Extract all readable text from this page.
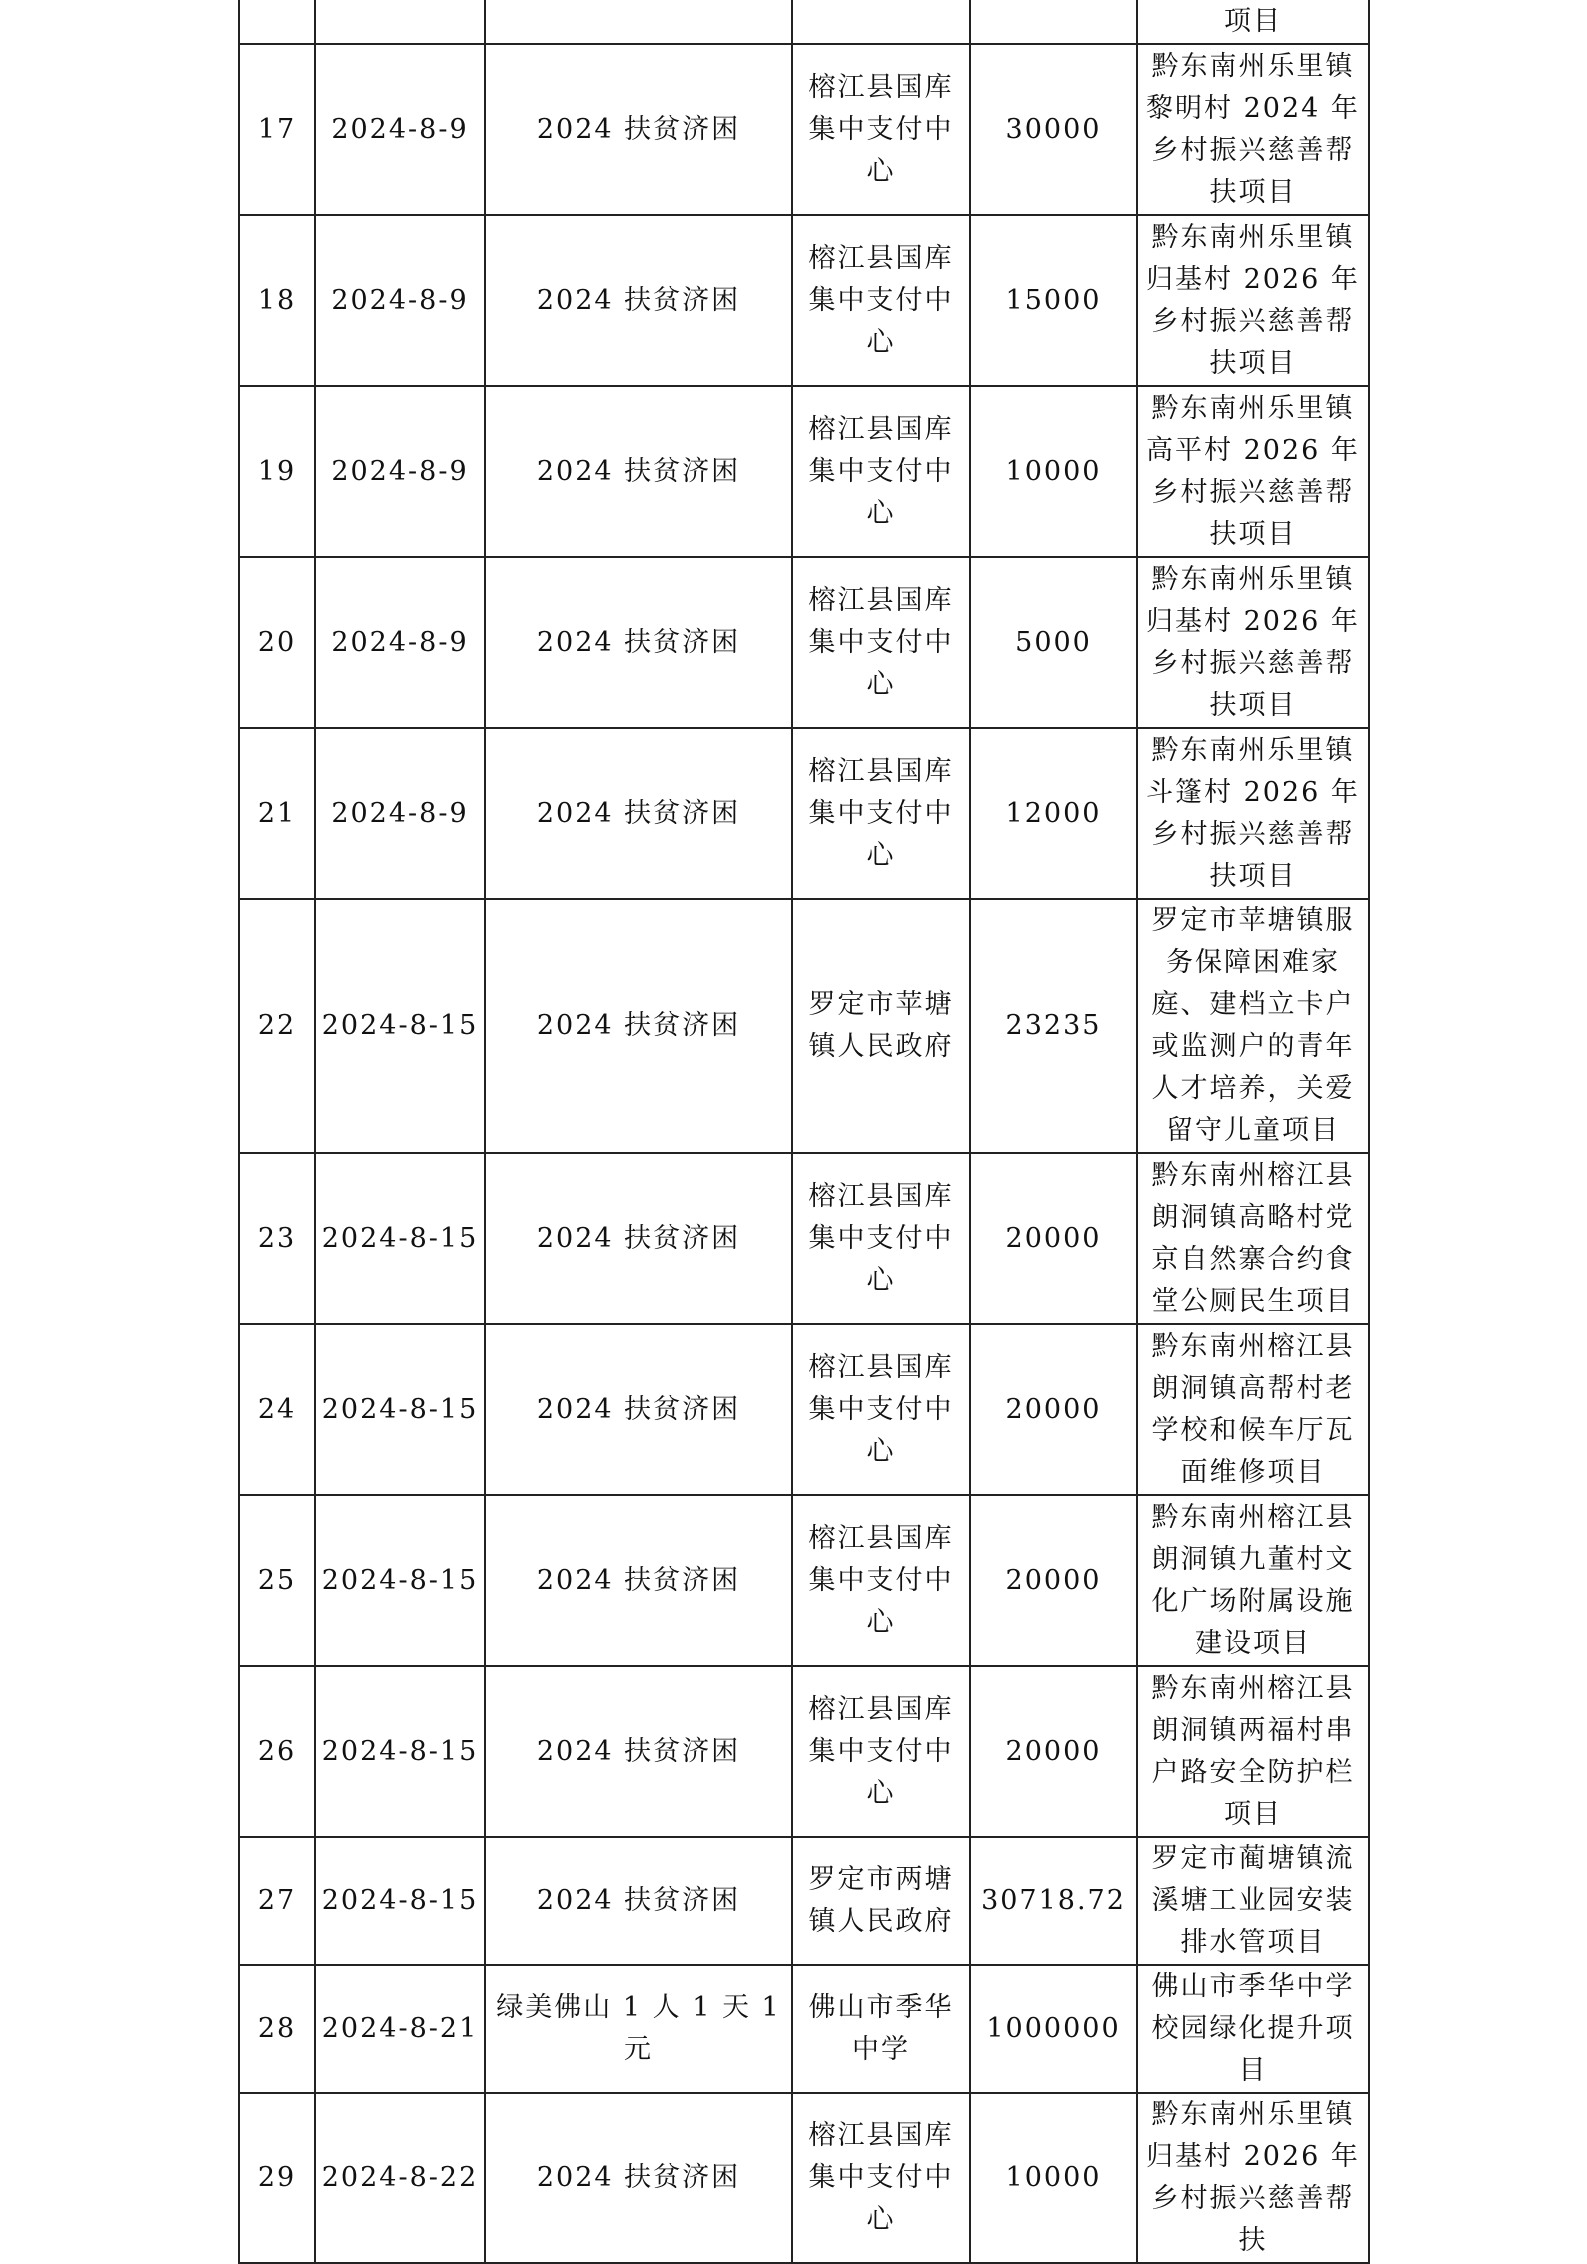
					项目
17	2024-8-9	2024 扶贫济困	榕江县国库集中支付中心	30000	黔东南州乐里镇黎明村 2024 年乡村振兴慈善帮扶项目
18	2024-8-9	2024 扶贫济困	榕江县国库集中支付中心	15000	黔东南州乐里镇归基村 2026 年乡村振兴慈善帮扶项目
19	2024-8-9	2024 扶贫济困	榕江县国库集中支付中心	10000	黔东南州乐里镇高平村 2026 年乡村振兴慈善帮扶项目
20	2024-8-9	2024 扶贫济困	榕江县国库集中支付中心	5000	黔东南州乐里镇归基村 2026 年乡村振兴慈善帮扶项目
21	2024-8-9	2024 扶贫济困	榕江县国库集中支付中心	12000	黔东南州乐里镇斗篷村 2026 年乡村振兴慈善帮扶项目
22	2024-8-15	2024 扶贫济困	罗定市苹塘镇人民政府	23235	罗定市苹塘镇服务保障困难家庭、建档立卡户或监测户的青年人才培养，关爱留守儿童项目
23	2024-8-15	2024 扶贫济困	榕江县国库集中支付中心	20000	黔东南州榕江县朗洞镇高略村党京自然寨合约食堂公厕民生项目
24	2024-8-15	2024 扶贫济困	榕江县国库集中支付中心	20000	黔东南州榕江县朗洞镇高帮村老学校和候车厅瓦面维修项目
25	2024-8-15	2024 扶贫济困	榕江县国库集中支付中心	20000	黔东南州榕江县朗洞镇九董村文化广场附属设施建设项目
26	2024-8-15	2024 扶贫济困	榕江县国库集中支付中心	20000	黔东南州榕江县朗洞镇两福村串户路安全防护栏项目
27	2024-8-15	2024 扶贫济困	罗定市两塘镇人民政府	30718.72	罗定市蔺塘镇流溪塘工业园安装排水管项目
28	2024-8-21	绿美佛山 1 人 1 天 1 元	佛山市季华中学	1000000	佛山市季华中学校园绿化提升项目
29	2024-8-22	2024 扶贫济困	榕江县国库集中支付中心	10000	黔东南州乐里镇归基村 2026 年乡村振兴慈善帮扶
